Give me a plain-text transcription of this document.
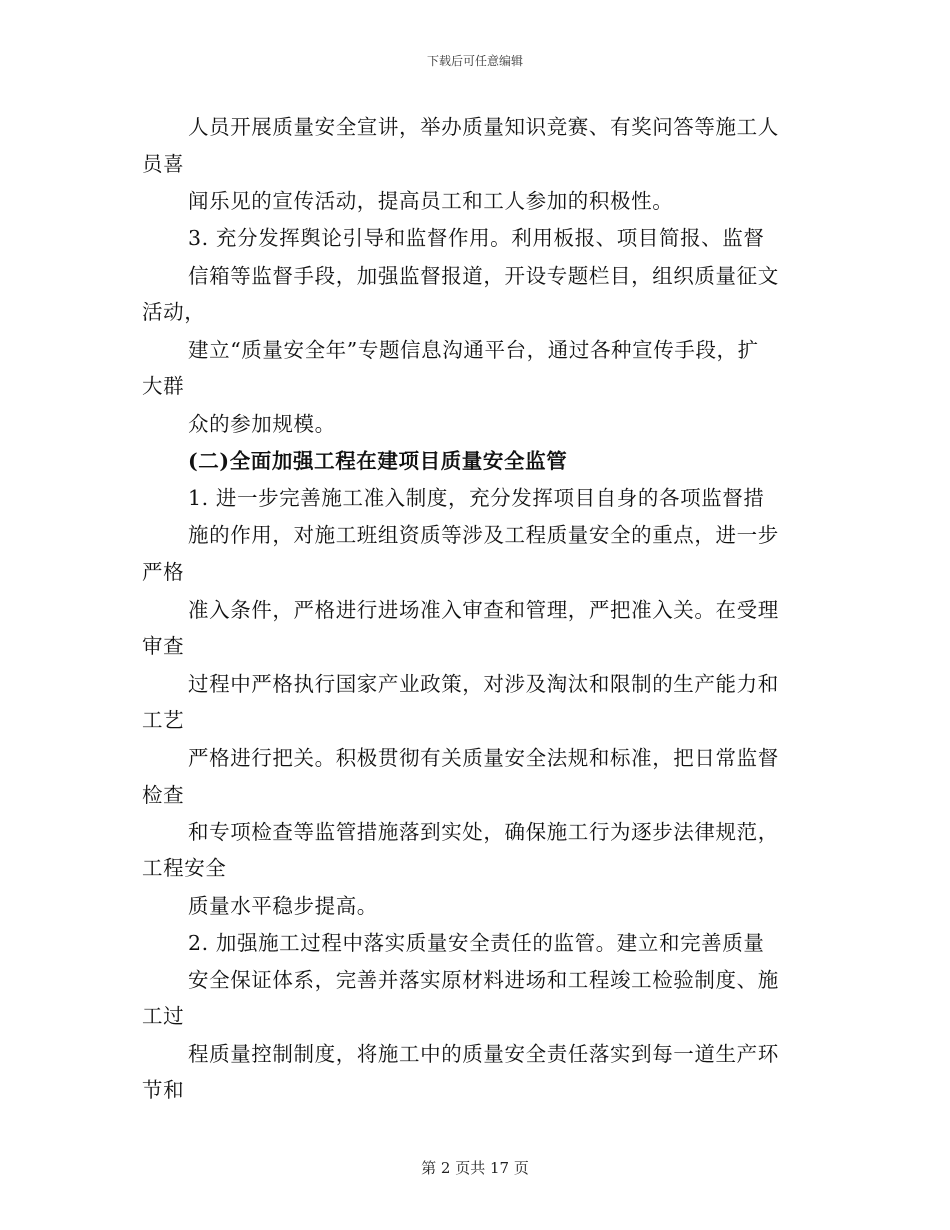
下载后可任意编辑
人员开展质量安全宣讲，举办质量知识竞赛、有奖问答等施工人
员喜
闻乐见的宣传活动，提高员工和工人参加的积极性。
3. 充分发挥舆论引导和监督作用。利用板报、项目简报、监督
信箱等监督手段，加强监督报道，开设专题栏目，组织质量征文
活动，
建立“质量安全年”专题信息沟通平台，通过各种宣传手段，扩
大群
众的参加规模。
(二)全面加强工程在建项目质量安全监管
1. 进一步完善施工准入制度，充分发挥项目自身的各项监督措
施的作用，对施工班组资质等涉及工程质量安全的重点，进一步
严格
准入条件，严格进行进场准入审查和管理，严把准入关。在受理
审查
过程中严格执行国家产业政策，对涉及淘汰和限制的生产能力和
工艺
严格进行把关。积极贯彻有关质量安全法规和标准，把日常监督
检查
和专项检查等监管措施落到实处，确保施工行为逐步法律规范，
工程安全
质量水平稳步提高。
2. 加强施工过程中落实质量安全责任的监管。建立和完善质量
安全保证体系，完善并落实原材料进场和工程竣工检验制度、施
工过
程质量控制制度，将施工中的质量安全责任落实到每一道生产环
节和
第 2 页共 17 页
